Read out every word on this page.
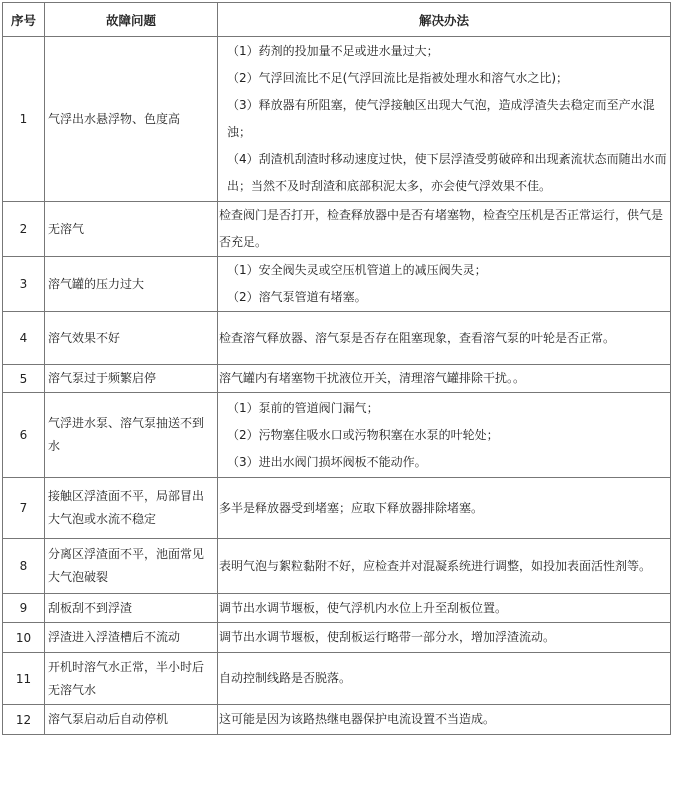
序号	故障问题	解决办法
1	气浮出水悬浮物、色度高	（1）药剂的投加量不足或进水量过大；
（2）气浮回流比不足(气浮回流比是指被处理水和溶气水之比)；
（3）释放器有所阻塞，使气浮接触区出现大气泡，造成浮渣失去稳定而至产水混浊；
（4）刮渣机刮渣时移动速度过快，使下层浮渣受剪破碎和出现紊流状态而随出水而出；当然不及时刮渣和底部积泥太多，亦会使气浮效果不佳。

2	无溶气	检查阀门是否打开，检查释放器中是否有堵塞物，检查空压机是否正常运行，供气是否充足。

3	溶气罐的压力过大	（1）安全阀失灵或空压机管道上的减压阀失灵；
（2）溶气泵管道有堵塞。

4	溶气效果不好	检查溶气释放器、溶气泵是否存在阻塞现象，查看溶气泵的叶轮是否正常。

5	溶气泵过于频繁启停	溶气罐内有堵塞物干扰液位开关，清理溶气罐排除干扰。。

6	气浮进水泵、溶气泵抽送不到水	（1）泵前的管道阀门漏气；
（2）污物塞住吸水口或污物积塞在水泵的叶轮处；
（3）进出水阀门损坏阀板不能动作。

7	接触区浮渣面不平，局部冒出大气泡或水流不稳定	多半是释放器受到堵塞；应取下释放器排除堵塞。

8	分离区浮渣面不平，池面常见大气泡破裂	表明气泡与絮粒黏附不好，应检查并对混凝系统进行调整，如投加表面活性剂等。

9	刮板刮不到浮渣	调节出水调节堰板，使气浮机内水位上升至刮板位置。

10	浮渣进入浮渣槽后不流动	调节出水调节堰板，使刮板运行略带一部分水，增加浮渣流动。

11	开机时溶气水正常，半小时后无溶气水	自动控制线路是否脱落。

12	溶气泵启动后自动停机	这可能是因为该路热继电器保护电流设置不当造成。
